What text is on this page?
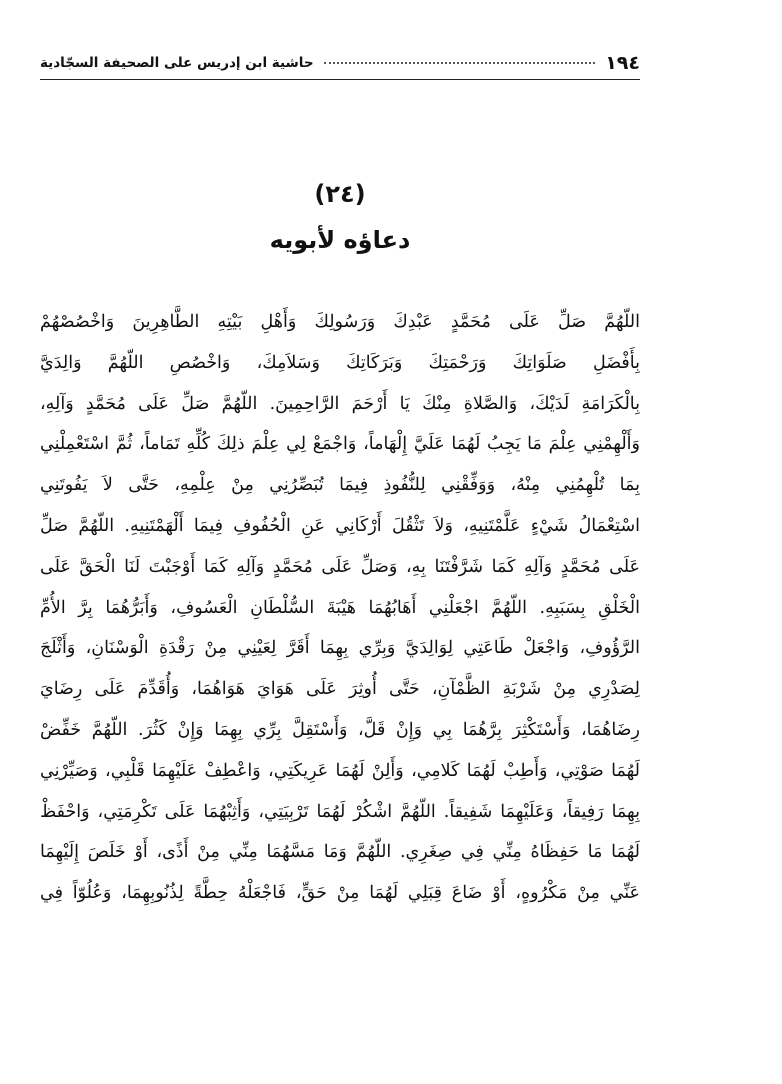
١٩٤
حاشية ابن إدريس على الصحيفة السجّادية
(٢٤)
دعاؤه لأبويه
اللّهُمَّ صَلِّ عَلَى مُحَمَّدٍ عَبْدِكَ وَرَسُولِكَ وَأَهْلِ بَيْتِهِ الطَّاهِرِينَ وَاخْصُصْهُمْ
بِأَفْضَلِ صَلَوَاتِكَ وَرَحْمَتِكَ وَبَرَكَاتِكَ وَسَلاَمِكَ، وَاخْصُصِ اللّهُمَّ وَالِدَيَّ
بِالْكَرَامَةِ لَدَيْكَ، وَالصَّلاةِ مِنْكَ يَا أَرْحَمَ الرَّاحِمِينَ. اللّهُمَّ صَلِّ عَلَى مُحَمَّدٍ وَآلِهِ،
وَأَلْهِمْنِي عِلْمَ مَا يَجِبُ لَهُمَا عَلَيَّ إِلْهَاماً، وَاجْمَعْ لِي عِلْمَ ذلِكَ كُلِّهِ تَمَاماً، ثُمَّ اسْتَعْمِلْنِي
بِمَا تُلْهِمُنِي مِنْهُ، وَوَفِّقْنِي لِلنُّفُوذِ فِيمَا تُبَصِّرُنِي مِنْ عِلْمِهِ، حَتَّى لاَ يَفُوتَنِي
اسْتِعْمَالُ شَيْءٍ عَلَّمْتَنِيهِ، وَلاَ تَثْقُلَ أَرْكَانِي عَنِ الْحُفُوفِ فِيمَا أَلْهَمْتَنِيهِ. اللّهُمَّ صَلِّ
عَلَى مُحَمَّدٍ وَآلِهِ كَمَا شَرَّفْتَنَا بِهِ، وَصَلِّ عَلَى مُحَمَّدٍ وَآلِهِ كَمَا أَوْجَبْتَ لَنَا الْحَقَّ عَلَى
الْخَلْقِ بِسَبَبِهِ. اللّهُمَّ اجْعَلْنِي أَهَابُهُمَا هَيْبَةَ السُّلْطَانِ الْعَسُوفِ، وَأَبَرُّهُمَا بِرَّ الأُمِّ
الرَّؤُوفِ، وَاجْعَلْ طَاعَتِي لِوَالِدَيَّ وَبِرِّي بِهِمَا أَقَرَّ لِعَيْنِي مِنْ رَقْدَةِ الْوَسْنَانِ، وَأَثْلَجَ
لِصَدْرِي مِنْ شَرْبَةِ الظَّمْآنِ، حَتَّى أُوثِرَ عَلَى هَوَايَ هَوَاهُمَا، وَأُقَدِّمَ عَلَى رِضَايَ
رِضَاهُمَا، وَأَسْتَكْثِرَ بِرَّهُمَا بِي وَإِنْ قَلَّ، وَأَسْتَقِلَّ بِرِّي بِهِمَا وَإِنْ كَثُرَ. اللّهُمَّ خَفِّضْ
لَهُمَا صَوْتِي، وَأَطِبْ لَهُمَا كَلامِي، وَأَلِنْ لَهُمَا عَرِيكَتِي، وَاعْطِفْ عَلَيْهِمَا قَلْبِي، وَصَيِّرْنِي
بِهِمَا رَفِيقاً، وَعَلَيْهِمَا شَفِيقاً. اللّهُمَّ اشْكُرْ لَهُمَا تَرْبِيَتِي، وَأَثِبْهُمَا عَلَى تَكْرِمَتِي، وَاحْفَظْ
لَهُمَا مَا حَفِظَاهُ مِنِّي فِي صِغَرِي. اللّهُمَّ وَمَا مَسَّهُمَا مِنِّي مِنْ أَذًى، أَوْ خَلَصَ إِلَيْهِمَا
عَنِّي مِنْ مَكْرُوهٍ، أَوْ ضَاعَ قِبَلِي لَهُمَا مِنْ حَقٍّ، فَاجْعَلْهُ حِطَّةً لِذُنُوبِهِمَا، وَعُلُوّاً فِي
